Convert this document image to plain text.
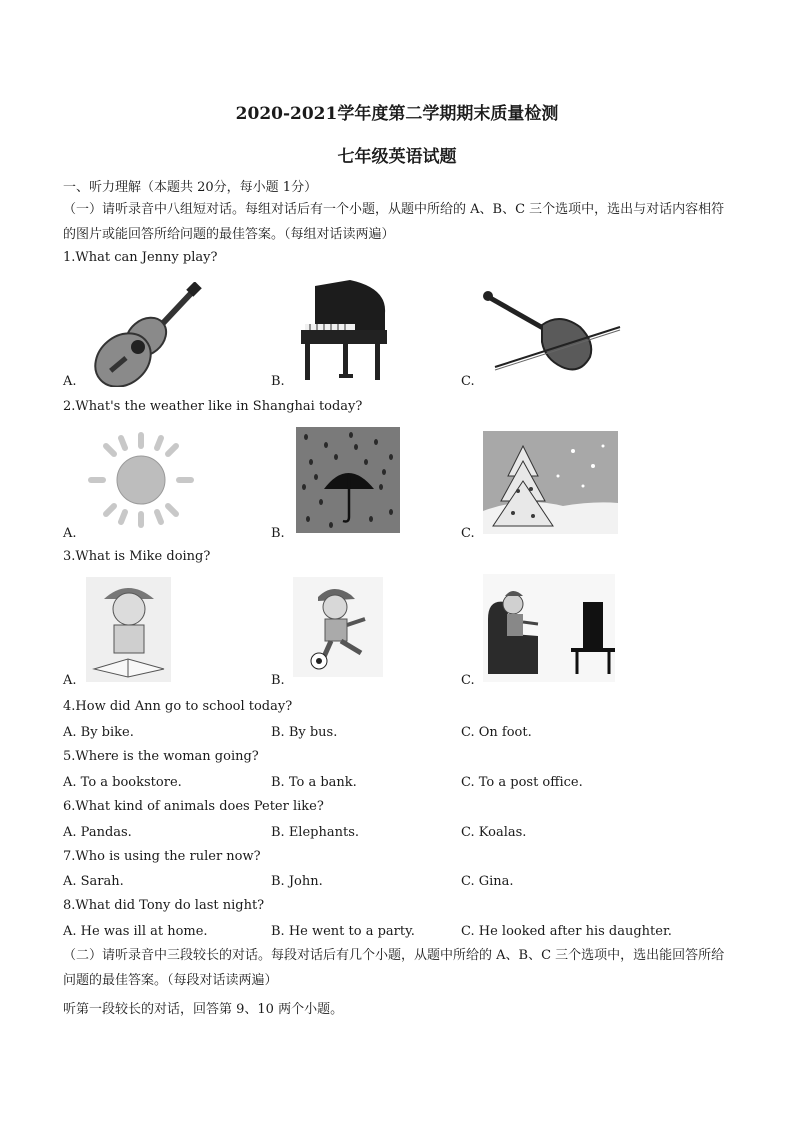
2020-2021学年度第二学期期末质量检测
七年级英语试题
一、听力理解（本题共 20分，每小题 1分）
（一）请听录音中八组短对话。每组对话后有一个小题，从题中所给的 A、B、C 三个选项中，选出与对话内容相符的图片或能回答所给问题的最佳答案。（每组对话读两遍）
1.What can Jenny play?
A.	B.	C.
2.What's the weather like in Shanghai today?
A.	B.	C.
3.What is Mike doing?
A.	B.	C.
4.How did Ann go to school today?
A. By bike.	B. By bus.	C. On foot.
5.Where is the woman going?
A. To a bookstore.	B. To a bank.	C. To a post office.
6.What kind of animals does Peter like?
A. Pandas.	B. Elephants.	C. Koalas.
7.Who is using the ruler now?
A. Sarah.	B. John.	C. Gina.
8.What did Tony do last night?
A. He was ill at home.	B. He went to a party.	C. He looked after his daughter.
（二）请听录音中三段较长的对话。每段对话后有几个小题，从题中所给的 A、B、C 三个选项中，选出能回答所给问题的最佳答案。（每段对话读两遍）
听第一段较长的对话，回答第 9、10 两个小题。
